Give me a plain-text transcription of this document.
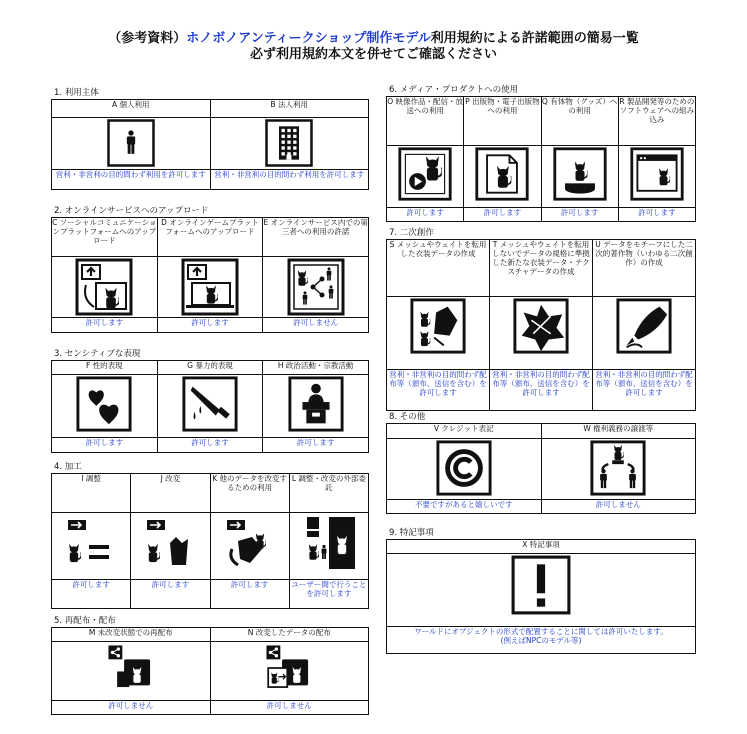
（参考資料）ホノボノアンティークショップ制作モデル利用規約による許諾範囲の簡易一覧
必ず利用規約本文を併せてご確認ください
1. 利用主体
A 個人利用	B 法人利用

営利・非営利の目的問わず利用を許可します	営利・非営利の目的問わず利用を許可します
2. オンラインサービスへのアップロード
C ソーシャルコミュニケーションプラットフォームへのアップロード	D オンラインゲームプラットフォームへのアップロード	E オンラインサービス内での第三者への利用の許諾

許可します	許可します	許可しません
3. センシティブな表現
F 性的表現	G 暴力的表現	H 政治活動・宗教活動

許可します	許可します	許可します
4. 加工
I 調整	J 改変	K 他のデータを改変するための利用	L 調整・改変の外部委託

許可します	許可します	許可します	ユーザー間で行うことを許可します
5. 再配布・配布
M 未改変状態での再配布	N 改変したデータの配布

許可しません	許可しません
6. メディア・プロダクトへの使用
O 映像作品・配信・放送への利用	P 出版物・電子出版物への利用	Q 有体物（グッズ）への利用	R 製品開発等のためのソフトウェアへの組み込み

許可します	許可します	許可します	許可します
7. 二次創作
S メッシュやウェイトを転用した衣装データの作成	T メッシュやウェイトを転用しないでデータの規格に準拠した新たな衣装データ・テクスチャデータの作成	U データをモチーフにした二次的著作物（いわゆる二次創作）の作成

営利・非営利の目的問わず配布等（頒布、送信を含む）を許可します	営利・非営利の目的問わず配布等（頒布、送信を含む）を許可します	営利・非営利の目的問わず配布等（頒布、送信を含む）を許可します
8. その他
V クレジット表記	W 権利義務の譲渡等

不要ですがあると嬉しいです	許可しません
9. 特記事項
X 特記事項

ワールドにオブジェクトの形式で配置することに関しては許可いたします。
(例えばNPCのモデル等)
